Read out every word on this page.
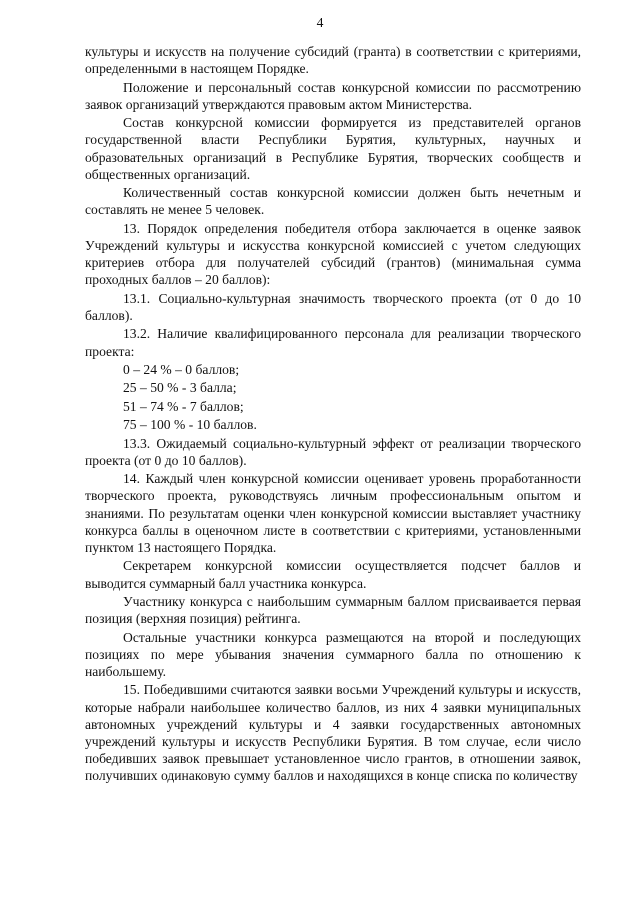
4

культуры и искусств на получение субсидий (гранта) в соответствии с критериями, определенными в настоящем Порядке.

Положение и персональный состав конкурсной комиссии по рассмотрению заявок организаций утверждаются правовым актом Министерства.

Состав конкурсной комиссии формируется из представителей органов государственной власти Республики Бурятия, культурных, научных и образовательных организаций в Республике Бурятия, творческих сообществ и общественных организаций.

Количественный состав конкурсной комиссии должен быть нечетным и составлять не менее 5 человек.

13. Порядок определения победителя отбора заключается в оценке заявок Учреждений культуры и искусства конкурсной комиссией с учетом следующих критериев отбора для получателей субсидий (грантов) (минимальная сумма проходных баллов – 20 баллов):

13.1. Социально-культурная значимость творческого проекта (от 0 до 10 баллов).

13.2. Наличие квалифицированного персонала для реализации творческого проекта:

0 – 24 % – 0 баллов;
25 – 50 % - 3 балла;
51 – 74 % - 7 баллов;
75 – 100 % - 10 баллов.

13.3. Ожидаемый социально-культурный эффект от реализации творческого проекта (от 0 до 10 баллов).

14. Каждый член конкурсной комиссии оценивает уровень проработанности творческого проекта, руководствуясь личным профессиональным опытом и знаниями. По результатам оценки член конкурсной комиссии выставляет участнику конкурса баллы в оценочном листе в соответствии с критериями, установленными пунктом 13 настоящего Порядка.

Секретарем конкурсной комиссии осуществляется подсчет баллов и выводится суммарный балл участника конкурса.

Участнику конкурса с наибольшим суммарным баллом присваивается первая позиция (верхняя позиция) рейтинга.

Остальные участники конкурса размещаются на второй и последующих позициях по мере убывания значения суммарного балла по отношению к наибольшему.

15. Победившими считаются заявки восьми Учреждений культуры и искусств, которые набрали наибольшее количество баллов, из них 4 заявки муниципальных автономных учреждений культуры и 4 заявки государственных автономных учреждений культуры и искусств Республики Бурятия. В том случае, если число победивших заявок превышает установленное число грантов, в отношении заявок, получивших одинаковую сумму баллов и находящихся в конце списка по количеству
